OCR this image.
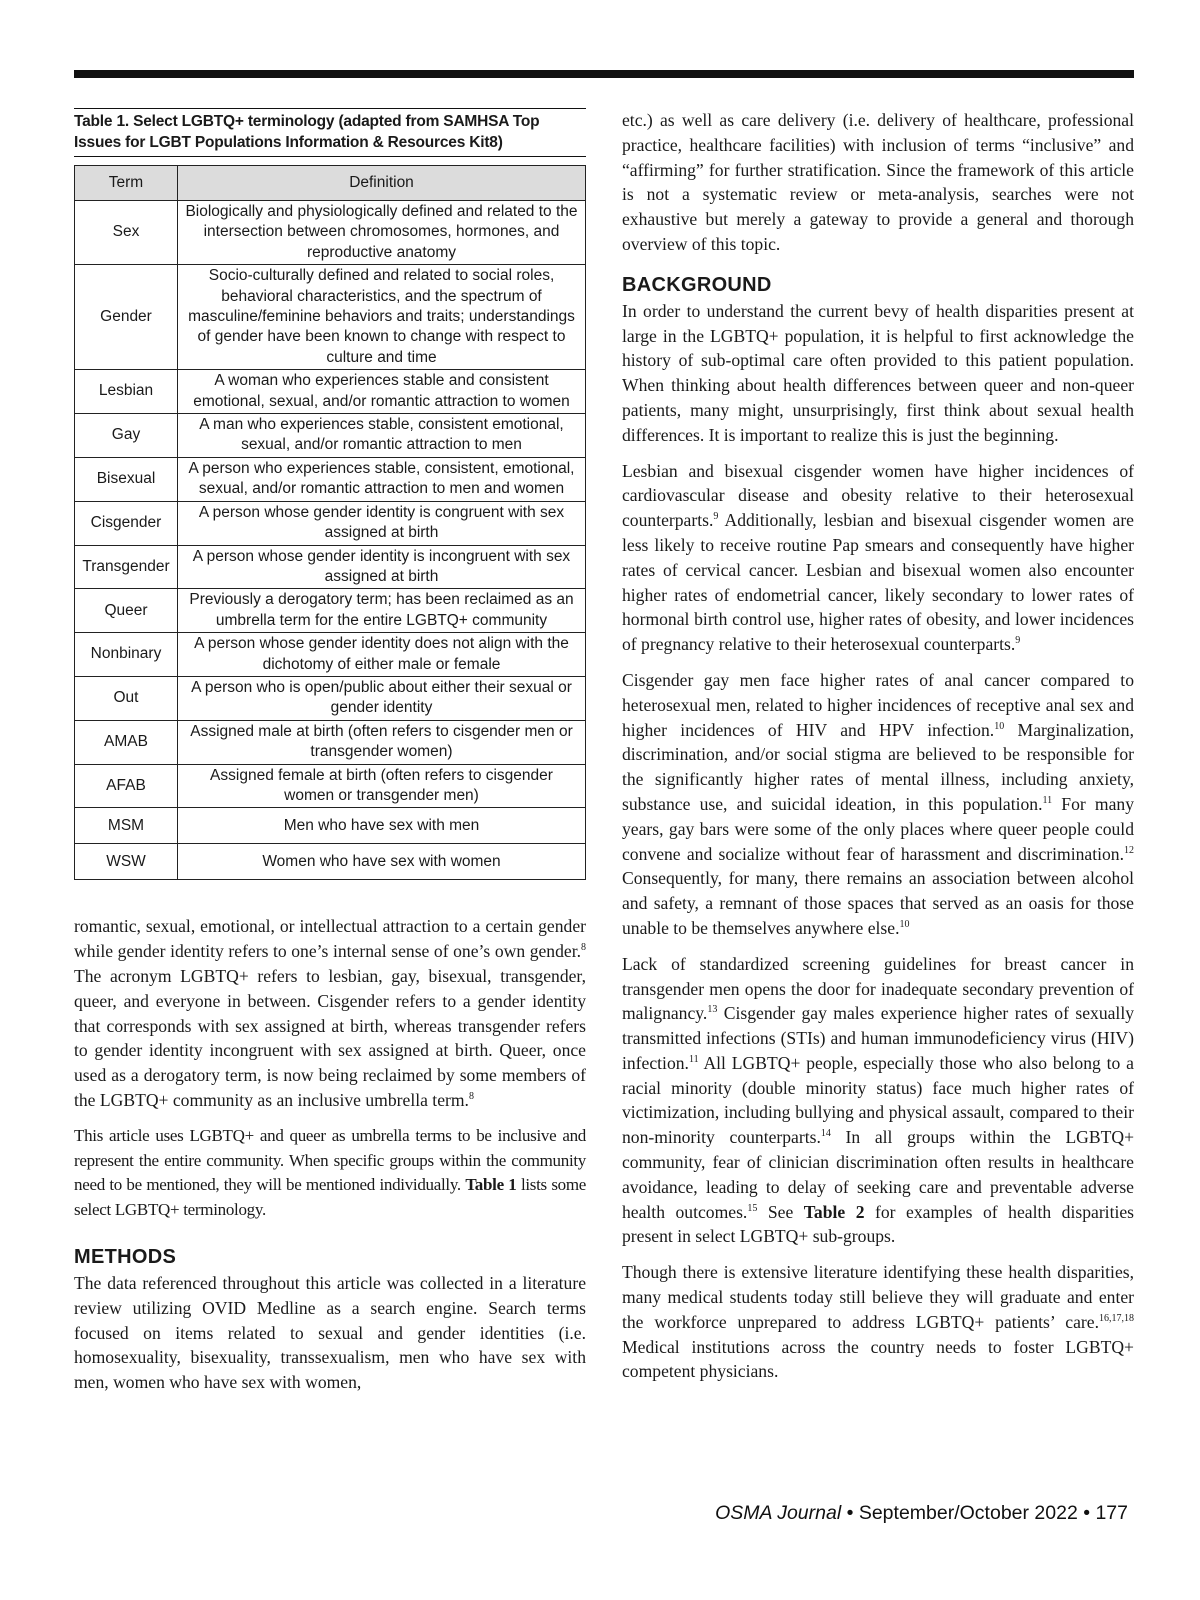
Table 1. Select LGBTQ+ terminology (adapted from SAMHSA Top Issues for LGBT Populations Information & Resources Kit8)
Term	Definition
Sex	Biologically and physiologically defined and related to the intersection between chromosomes, hormones, and reproductive anatomy
Gender	Socio-culturally defined and related to social roles, behavioral characteristics, and the spectrum of masculine/feminine behaviors and traits; understandings of gender have been known to change with respect to culture and time
Lesbian	A woman who experiences stable and consistent emotional, sexual, and/or romantic attraction to women
Gay	A man who experiences stable, consistent emotional, sexual, and/or romantic attraction to men
Bisexual	A person who experiences stable, consistent, emotional, sexual, and/or romantic attraction to men and women
Cisgender	A person whose gender identity is congruent with sex assigned at birth
Transgender	A person whose gender identity is incongruent with sex assigned at birth
Queer	Previously a derogatory term; has been reclaimed as an umbrella term for the entire LGBTQ+ community
Nonbinary	A person whose gender identity does not align with the dichotomy of either male or female
Out	A person who is open/public about either their sexual or gender identity
AMAB	Assigned male at birth (often refers to cisgender men or transgender women)
AFAB	Assigned female at birth (often refers to cisgender women or transgender men)
MSM	Men who have sex with men
WSW	Women who have sex with women

romantic, sexual, emotional, or intellectual attraction to a certain gender while gender identity refers to one’s internal sense of one’s own gender.$^8$ The acronym LGBTQ+ refers to lesbian, gay, bisexual, transgender, queer, and everyone in between. Cisgender refers to a gender identity that corresponds with sex assigned at birth, whereas transgender refers to gender identity incongruent with sex assigned at birth. Queer, once used as a derogatory term, is now being reclaimed by some members of the LGBTQ+ community as an inclusive umbrella term.$^8$

This article uses LGBTQ+ and queer as umbrella terms to be inclusive and represent the entire community. When specific groups within the community need to be mentioned, they will be mentioned individually. Table 1 lists some select LGBTQ+ terminology.

METHODS

The data referenced throughout this article was collected in a literature review utilizing OVID Medline as a search engine. Search terms focused on items related to sexual and gender identities (i.e. homosexuality, bisexuality, transsexualism, men who have sex with men, women who have sex with women,

etc.) as well as care delivery (i.e. delivery of healthcare, professional practice, healthcare facilities) with inclusion of terms “inclusive” and “affirming” for further stratification. Since the framework of this article is not a systematic review or meta-analysis, searches were not exhaustive but merely a gateway to provide a general and thorough overview of this topic.

BACKGROUND

In order to understand the current bevy of health disparities present at large in the LGBTQ+ population, it is helpful to first acknowledge the history of sub-optimal care often provided to this patient population. When thinking about health differences between queer and non-queer patients, many might, unsurprisingly, first think about sexual health differences. It is important to realize this is just the beginning.

Lesbian and bisexual cisgender women have higher incidences of cardiovascular disease and obesity relative to their heterosexual counterparts.$^9$ Additionally, lesbian and bisexual cisgender women are less likely to receive routine Pap smears and consequently have higher rates of cervical cancer. Lesbian and bisexual women also encounter higher rates of endometrial cancer, likely secondary to lower rates of hormonal birth control use, higher rates of obesity, and lower incidences of pregnancy relative to their heterosexual counterparts.$^9$

Cisgender gay men face higher rates of anal cancer compared to heterosexual men, related to higher incidences of receptive anal sex and higher incidences of HIV and HPV infection.$^{10}$ Marginalization, discrimination, and/or social stigma are believed to be responsible for the significantly higher rates of mental illness, including anxiety, substance use, and suicidal ideation, in this population.$^{11}$ For many years, gay bars were some of the only places where queer people could convene and socialize without fear of harassment and discrimination.$^{12}$ Consequently, for many, there remains an association between alcohol and safety, a remnant of those spaces that served as an oasis for those unable to be themselves anywhere else.$^{10}$

Lack of standardized screening guidelines for breast cancer in transgender men opens the door for inadequate secondary prevention of malignancy.$^{13}$ Cisgender gay males experience higher rates of sexually transmitted infections (STIs) and human immunodeficiency virus (HIV) infection.$^{11}$ All LGBTQ+ people, especially those who also belong to a racial minority (double minority status) face much higher rates of victimization, including bullying and physical assault, compared to their non-minority counterparts.$^{14}$ In all groups within the LGBTQ+ community, fear of clinician discrimination often results in healthcare avoidance, leading to delay of seeking care and preventable adverse health outcomes.$^{15}$ See Table 2 for examples of health disparities present in select LGBTQ+ sub-groups.

Though there is extensive literature identifying these health disparities, many medical students today still believe they will graduate and enter the workforce unprepared to address LGBTQ+ patients’ care.$^{16,17,18}$ Medical institutions across the country needs to foster LGBTQ+ competent physicians.

OSMA Journal • September/October 2022 • 177
